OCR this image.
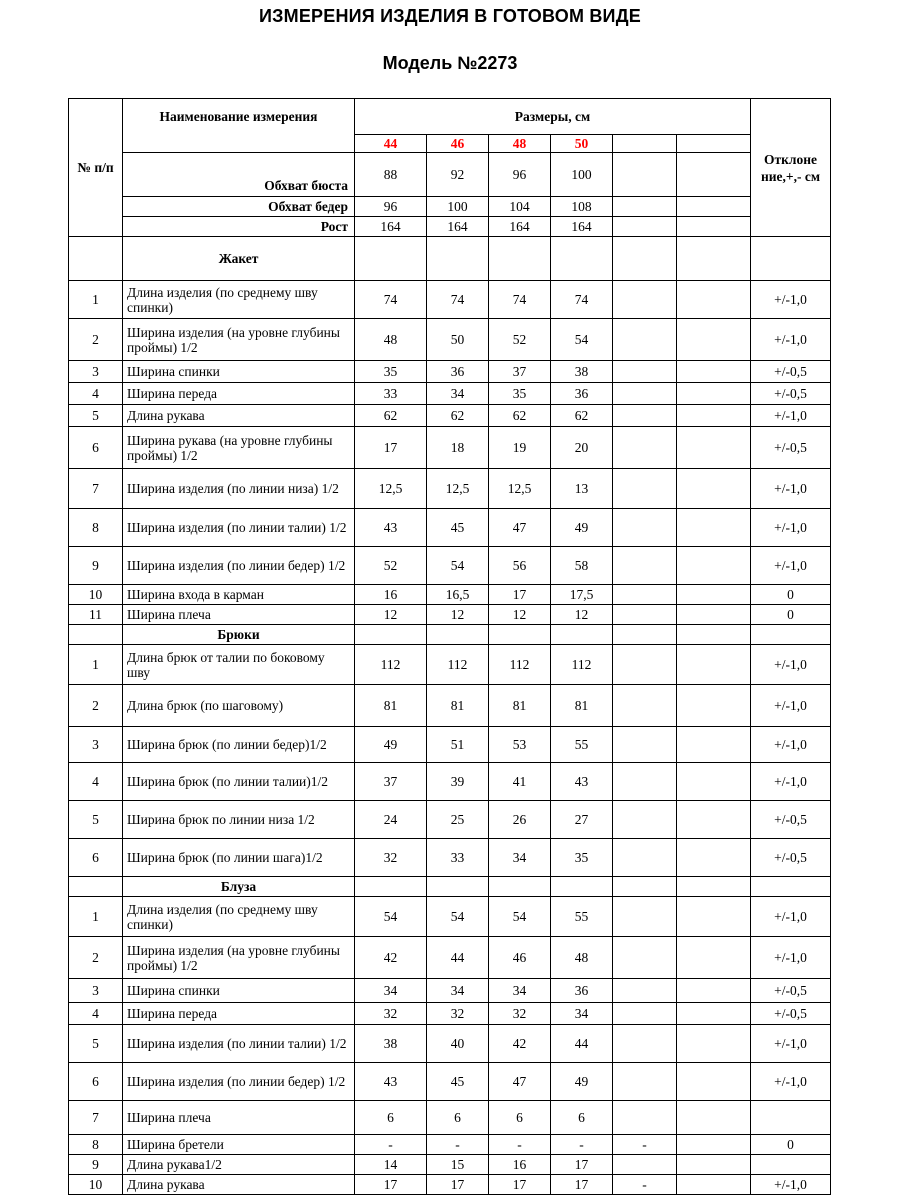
ИЗМЕРЕНИЯ ИЗДЕЛИЯ В ГОТОВОМ ВИДЕ
Модель №2273
№ п/п	Наименование измерения	Размеры, см						Отклоне ние,+,- см
		44	46	48	50			
	Обхват бюста	88	92	96	100			
	Обхват бедер	96	100	104	108			
	Рост	164	164	164	164			
	Жакет							
1	Длина изделия (по среднему шву спинки)	74	74	74	74			+/-1,0
2	Ширина изделия (на уровне глубины проймы) 1/2	48	50	52	54			+/-1,0
3	Ширина спинки	35	36	37	38			+/-0,5
4	Ширина переда	33	34	35	36			+/-0,5
5	Длина рукава	62	62	62	62			+/-1,0
6	Ширина рукава (на уровне глубины проймы) 1/2	17	18	19	20			+/-0,5
7	Ширина изделия (по линии низа) 1/2	12,5	12,5	12,5	13			+/-1,0
8	Ширина изделия (по линии талии) 1/2	43	45	47	49			+/-1,0
9	Ширина изделия (по линии бедер) 1/2	52	54	56	58			+/-1,0
10	Ширина входа в карман	16	16,5	17	17,5			0
11	Ширина плеча	12	12	12	12			0
	Брюки							
1	Длина брюк от талии по боковому шву	112	112	112	112			+/-1,0
2	Длина брюк (по шаговому)	81	81	81	81			+/-1,0
3	Ширина брюк (по линии бедер)1/2	49	51	53	55			+/-1,0
4	Ширина брюк (по линии талии)1/2	37	39	41	43			+/-1,0
5	Ширина брюк по линии низа 1/2	24	25	26	27			+/-0,5
6	Ширина брюк (по линии шага)1/2	32	33	34	35			+/-0,5
	Блуза							
1	Длина изделия (по среднему шву спинки)	54	54	54	55			+/-1,0
2	Ширина изделия (на уровне глубины проймы) 1/2	42	44	46	48			+/-1,0
3	Ширина спинки	34	34	34	36			+/-0,5
4	Ширина переда	32	32	32	34			+/-0,5
5	Ширина изделия (по линии талии) 1/2	38	40	42	44			+/-1,0
6	Ширина изделия (по линии бедер) 1/2	43	45	47	49			+/-1,0
7	Ширина плеча	6	6	6	6			
8	Ширина бретели	-	-	-	-	-		0
9	Длина рукава1/2	14	15	16	17			
10	Длина рукава	17	17	17	17	-		+/-1,0
